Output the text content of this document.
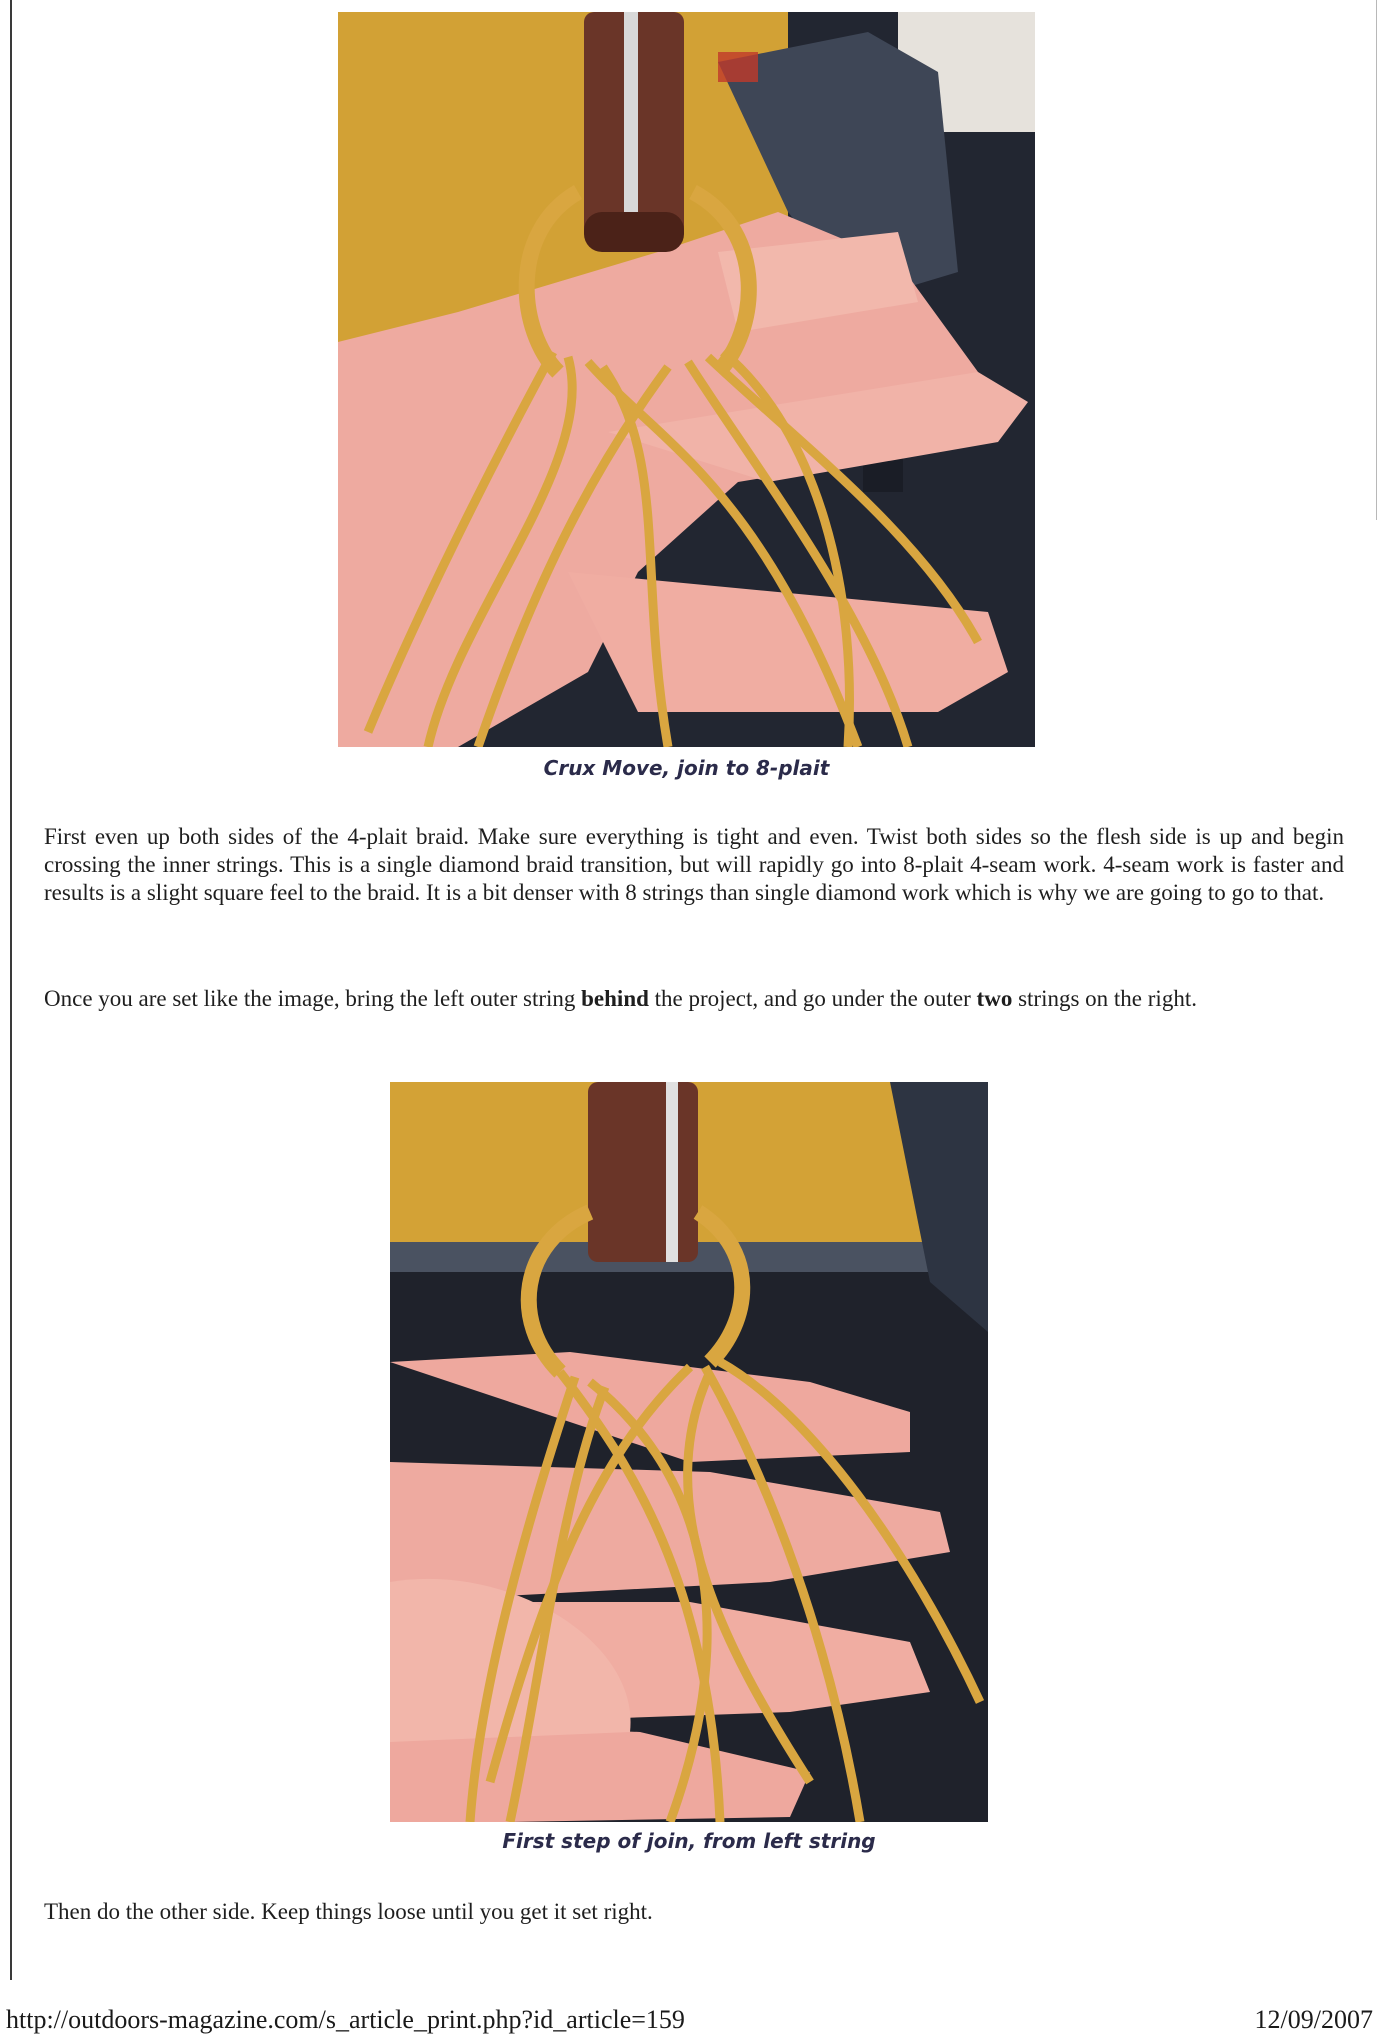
Crux Move, join to 8-plait

First even up both sides of the 4-plait braid. Make sure everything is tight and even. Twist both sides so the flesh side is up and begin crossing the inner strings. This is a single diamond braid transition, but will rapidly go into 8-plait 4-seam work. 4-seam work is faster and results is a slight square feel to the braid. It is a bit denser with 8 strings than single diamond work which is why we are going to go to that.

Once you are set like the image, bring the left outer string behind the project, and go under the outer two strings on the right.

First step of join, from left string

Then do the other side. Keep things loose until you get it set right.

http://outdoors-magazine.com/s_article_print.php?id_article=159	12/09/2007
